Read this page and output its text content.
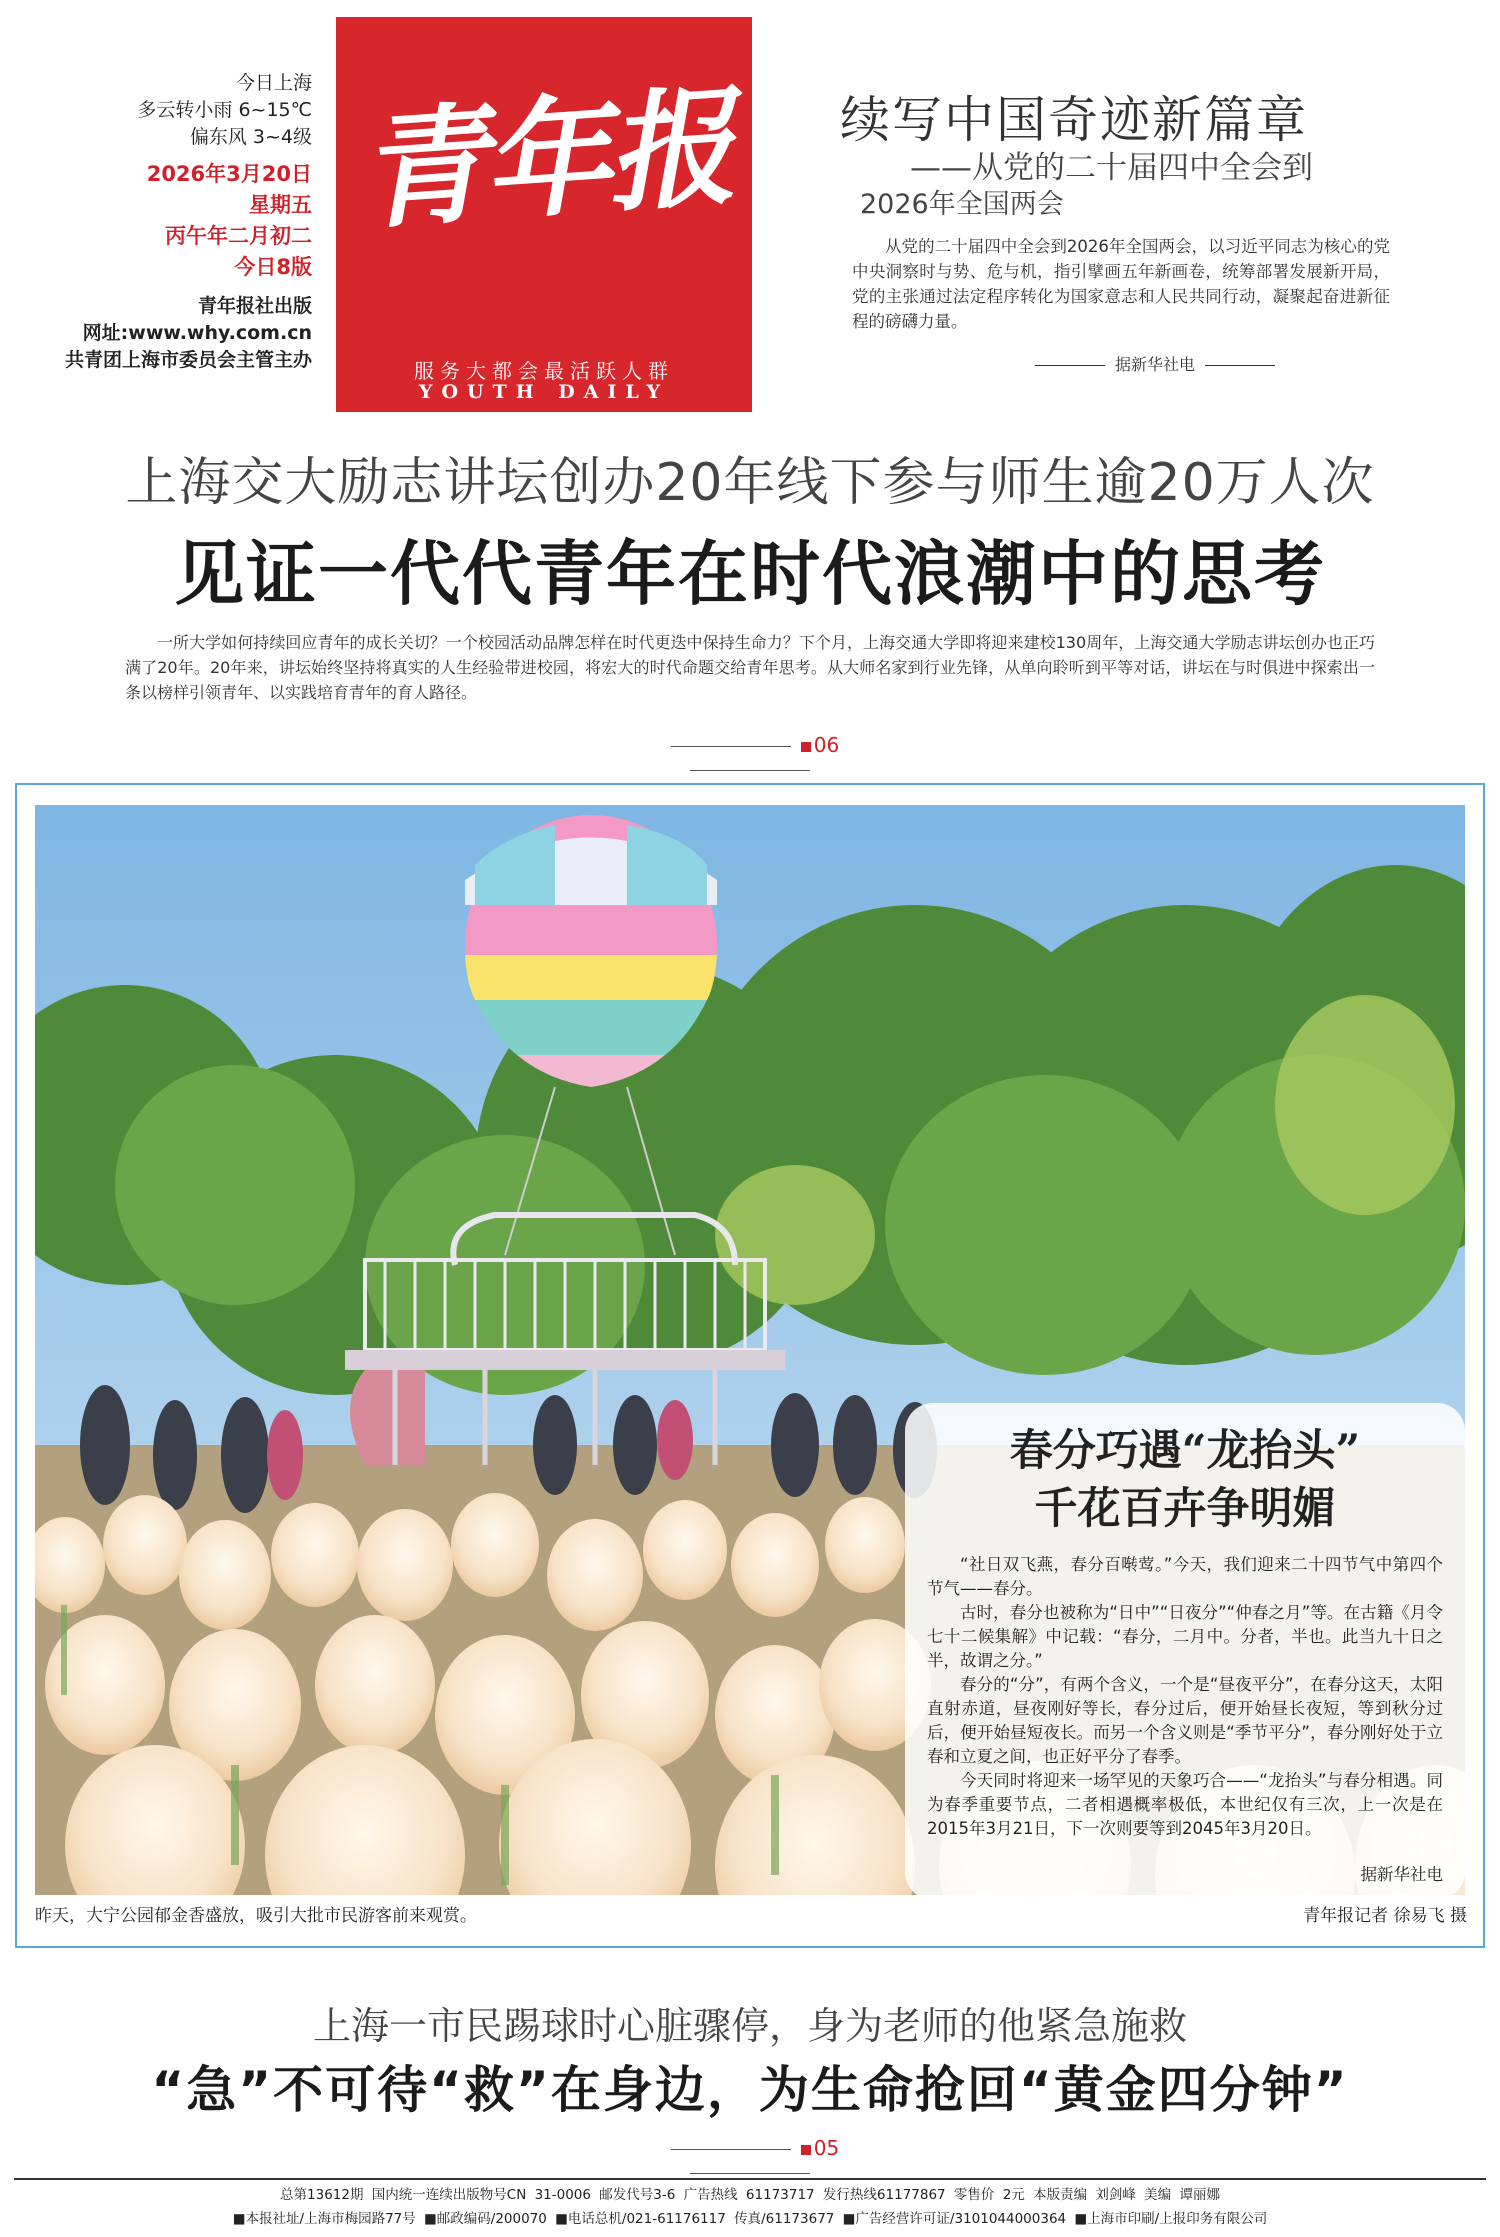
今日上海
多云转小雨 6~15℃
偏东风 3~4级
2026年3月20日
星期五
丙午年二月初二
今日8版
青年报社出版
网址:www.why.com.cn
共青团上海市委员会主管主办
青年报
服务大都会最活跃人群
YOUTH DAILY
续写中国奇迹新篇章
——从党的二十届四中全会到
2026年全国两会
从党的二十届四中全会到2026年全国两会，以习近平同志为核心的党中央洞察时与势、危与机，指引擘画五年新画卷，统筹部署发展新开局，党的主张通过法定程序转化为国家意志和人民共同行动，凝聚起奋进新征程的磅礴力量。
据新华社电
上海交大励志讲坛创办20年线下参与师生逾20万人次
见证一代代青年在时代浪潮中的思考
一所大学如何持续回应青年的成长关切？一个校园活动品牌怎样在时代更迭中保持生命力？下个月，上海交通大学即将迎来建校130周年，上海交通大学励志讲坛创办也正巧满了20年。20年来，讲坛始终坚持将真实的人生经验带进校园，将宏大的时代命题交给青年思考。从大师名家到行业先锋，从单向聆听到平等对话，讲坛在与时俱进中探索出一条以榜样引领青年、以实践培育青年的育人路径。
06
春分巧遇“龙抬头”
千花百卉争明媚

“社日双飞燕，春分百啭莺。”今天，我们迎来二十四节气中第四个节气——春分。

古时，春分也被称为“日中”“日夜分”“仲春之月”等。在古籍《月令七十二候集解》中记载：“春分，二月中。分者，半也。此当九十日之半，故谓之分。”

春分的“分”，有两个含义，一个是“昼夜平分”，在春分这天，太阳直射赤道，昼夜刚好等长，春分过后，便开始昼长夜短，等到秋分过后，便开始昼短夜长。而另一个含义则是“季节平分”，春分刚好处于立春和立夏之间，也正好平分了春季。

今天同时将迎来一场罕见的天象巧合——“龙抬头”与春分相遇。同为春季重要节点，二者相遇概率极低，本世纪仅有三次，上一次是在2015年3月21日，下一次则要等到2045年3月20日。

据新华社电
昨天，大宁公园郁金香盛放，吸引大批市民游客前来观赏。	青年报记者 徐易飞 摄
上海一市民踢球时心脏骤停，身为老师的他紧急施救
“急”不可待“救”在身边，为生命抢回“黄金四分钟”
05
总第13612期 国内统一连续出版物号CN 31-0006 邮发代号3-6 广告热线 61173717 发行热线61177867 零售价 2元 本版责编 刘剑峰 美编 谭丽娜
■本报社址/上海市梅园路77号 ■邮政编码/200070 ■电话总机/021-61176117 传真/61173677 ■广告经营许可证/3101044000364 ■上海市印刷/上报印务有限公司
